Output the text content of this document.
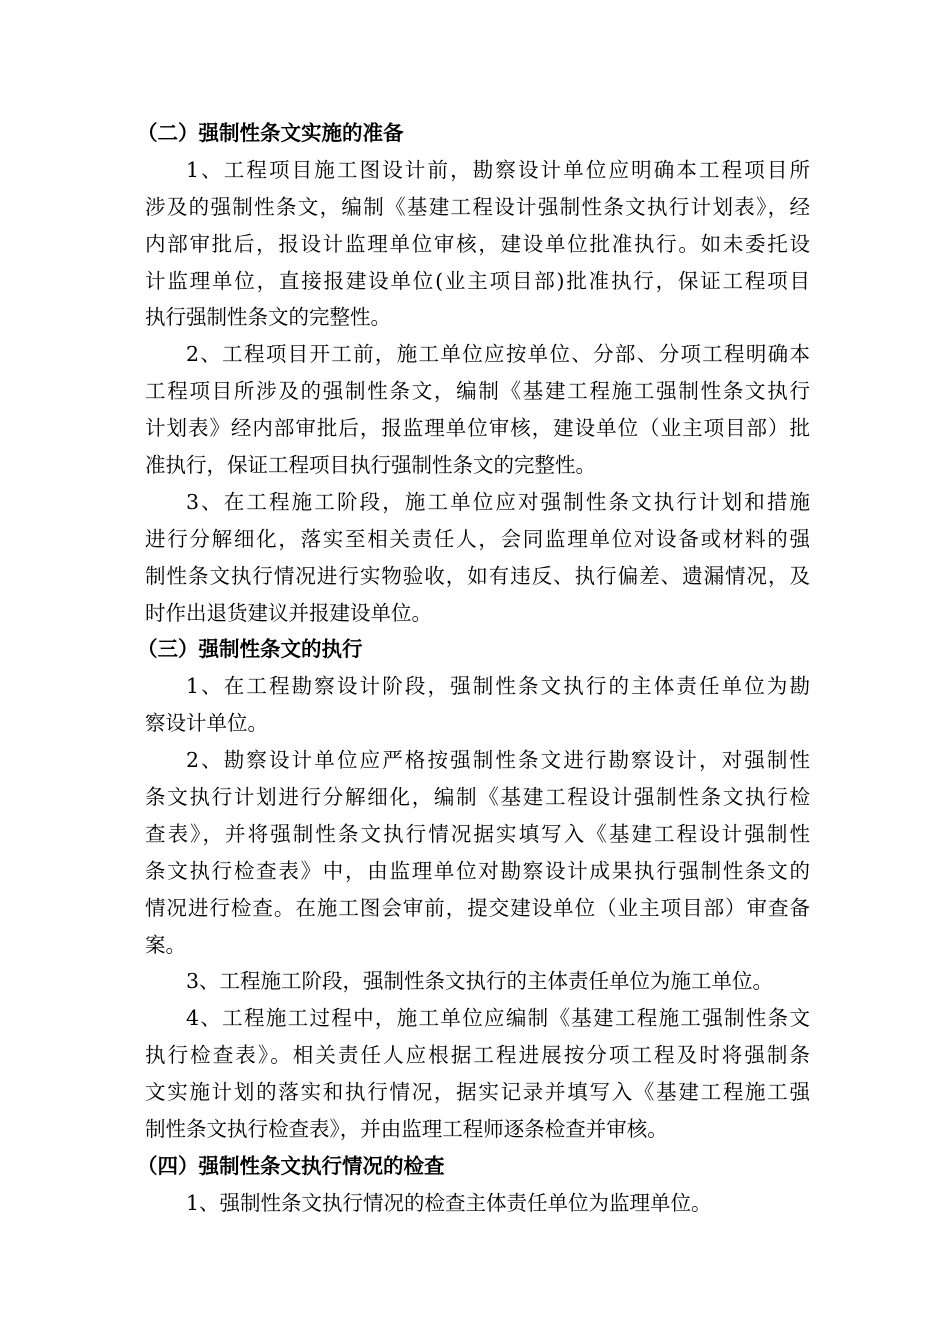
（二）强制性条文实施的准备
1、工程项目施工图设计前，勘察设计单位应明确本工程项目所
涉及的强制性条文，编制《基建工程设计强制性条文执行计划表》，经
内部审批后，报设计监理单位审核，建设单位批准执行。如未委托设
计监理单位，直接报建设单位(业主项目部)批准执行，保证工程项目
执行强制性条文的完整性。
2、工程项目开工前，施工单位应按单位、分部、分项工程明确本
工程项目所涉及的强制性条文，编制《基建工程施工强制性条文执行
计划表》经内部审批后，报监理单位审核，建设单位（业主项目部）批
准执行，保证工程项目执行强制性条文的完整性。
3、在工程施工阶段，施工单位应对强制性条文执行计划和措施
进行分解细化，落实至相关责任人，会同监理单位对设备或材料的强
制性条文执行情况进行实物验收，如有违反、执行偏差、遗漏情况，及
时作出退货建议并报建设单位。
（三）强制性条文的执行
1、在工程勘察设计阶段，强制性条文执行的主体责任单位为勘
察设计单位。
2、勘察设计单位应严格按强制性条文进行勘察设计，对强制性
条文执行计划进行分解细化，编制《基建工程设计强制性条文执行检
查表》，并将强制性条文执行情况据实填写入《基建工程设计强制性
条文执行检查表》中，由监理单位对勘察设计成果执行强制性条文的
情况进行检查。在施工图会审前，提交建设单位（业主项目部）审查备
案。
3、工程施工阶段，强制性条文执行的主体责任单位为施工单位。
4、工程施工过程中，施工单位应编制《基建工程施工强制性条文
执行检查表》。相关责任人应根据工程进展按分项工程及时将强制条
文实施计划的落实和执行情况，据实记录并填写入《基建工程施工强
制性条文执行检查表》，并由监理工程师逐条检查并审核。
（四）强制性条文执行情况的检查
1、强制性条文执行情况的检查主体责任单位为监理单位。
